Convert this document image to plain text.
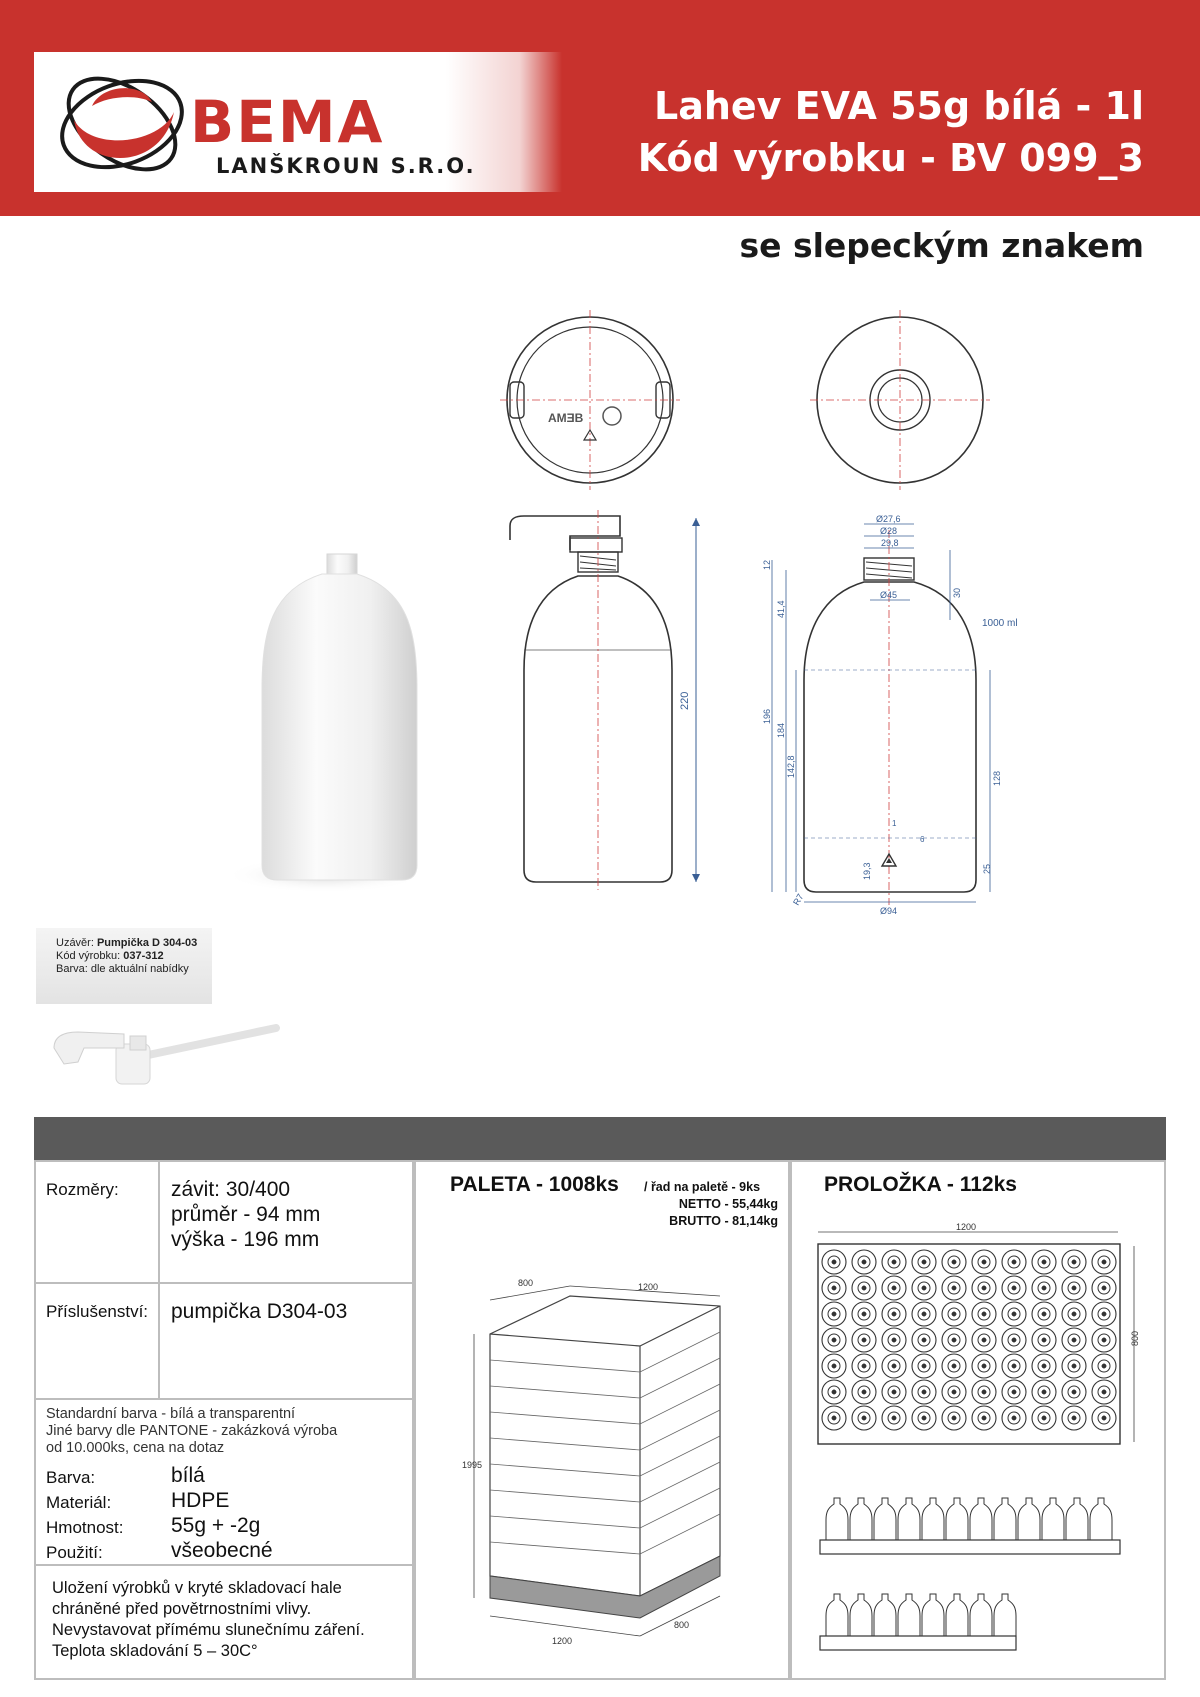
BEMA
LANŠKROUN S.R.O.
Lahev EVA 55g bílá - 1l
Kód výrobku - BV 099_3
se slepeckým znakem
AMƎB
220
Ø27,6
Ø28
29,8
Ø45
Ø94
1000 ml
12
41,4
196
184
142,8
128
30
25
19,3
R7
1
6
Uzávěr: Pumpička D 304-03
Kód výrobku: 037-312
Barva: dle aktuální nabídky
Rozměry: závit: 30/400
průměr - 94 mm
výška - 196 mm
Příslušenství: pumpička D304-03
Standardní barva - bílá a transparentní
Jiné barvy dle PANTONE - zakázková výroba
od 10.000ks, cena na dotaz
Barva:	bílá
Materiál:	HDPE
Hmotnost: 55g + -2g
Použití:	všeobecné
Uložení výrobků v kryté skladovací hale
chráněné před povětrnostními vlivy.
Nevystavovat přímému slunečnímu záření.
Teplota skladování 5 – 30C°
PALETA - 1008ks / řad na paletě - 9ks
NETTO - 55,44kg
BRUTTO - 81,14kg
800	1200
1995
1200
800
PROLOŽKA - 112ks
1200
800
